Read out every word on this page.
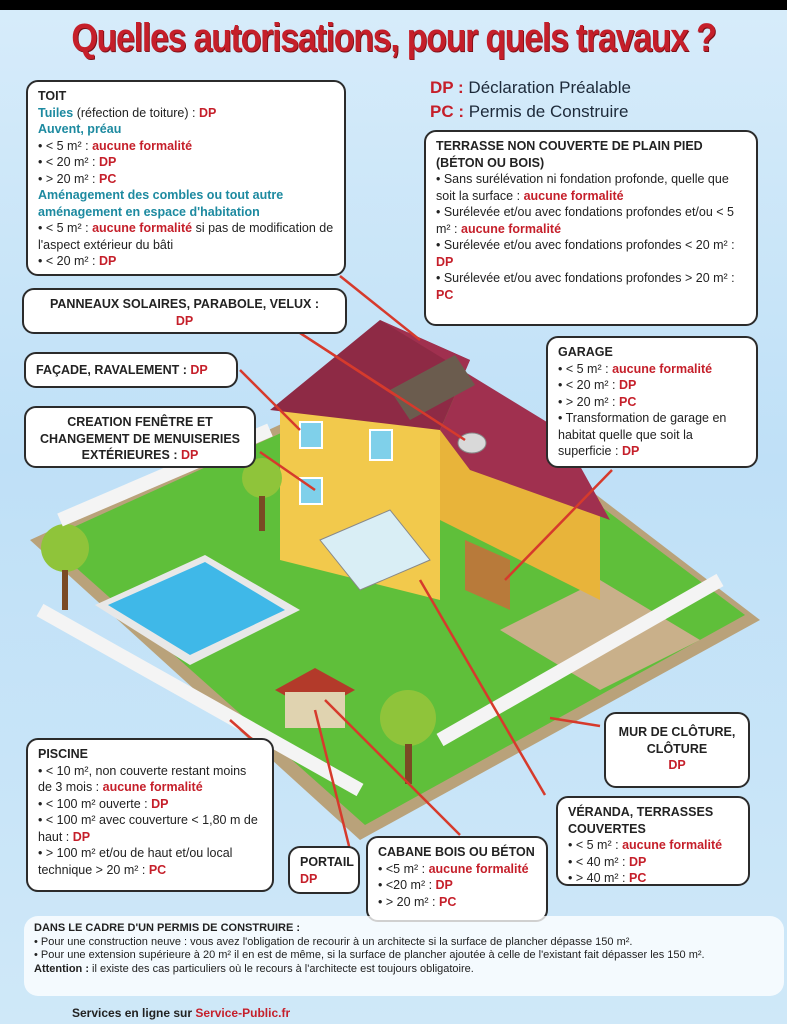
Quelles autorisations, pour quels travaux ?
DP : Déclaration Préalable
PC : Permis de Construire
TOIT
Tuiles (réfection de toiture) : DP
Auvent, préau
• < 5 m² : aucune formalité
• < 20 m² : DP
• > 20 m² : PC
Aménagement des combles ou tout autre aménagement en espace d'habitation
• < 5 m² : aucune formalité si pas de modification de l'aspect extérieur du bâti
• < 20 m² : DP
PANNEAUX SOLAIRES, PARABOLE, VELUX :
DP
FAÇADE, RAVALEMENT : DP
CREATION FENÊTRE ET CHANGEMENT DE MENUISERIES EXTÉRIEURES : DP
TERRASSE NON COUVERTE DE PLAIN PIED (BÉTON OU BOIS)
• Sans surélévation ni fondation profonde, quelle que soit la surface : aucune formalité
• Surélevée et/ou avec fondations profondes et/ou < 5 m² : aucune formalité
• Surélevée et/ou avec fondations profondes < 20 m² : DP
• Surélevée et/ou avec fondations profondes > 20 m² : PC
GARAGE
• < 5 m² : aucune formalité
• < 20 m² : DP
• > 20 m² : PC
• Transformation de garage en habitat quelle que soit la superficie : DP
MUR DE CLÔTURE, CLÔTURE
DP
VÉRANDA, TERRASSES COUVERTES
• < 5 m² : aucune formalité
• < 40 m² : DP
• > 40 m² : PC
PISCINE
• < 10 m², non couverte restant moins de 3 mois : aucune formalité
• < 100 m² ouverte : DP
• < 100 m² avec couverture < 1,80 m de haut : DP
• > 100 m² et/ou de haut et/ou local technique > 20 m² : PC
PORTAIL
DP
CABANE BOIS OU BÉTON
• <5 m² : aucune formalité
• <20 m² : DP
• > 20 m² : PC
DANS LE CADRE D'UN PERMIS DE CONSTRUIRE :
• Pour une construction neuve : vous avez l'obligation de recourir à un architecte si la surface de plancher dépasse 150 m².
• Pour une extension supérieure à 20 m² il en est de même, si la surface de plancher ajoutée à celle de l'existant fait dépasser les 150 m².
Attention : il existe des cas particuliers où le recours à l'architecte est toujours obligatoire.
Services en ligne sur Service-Public.fr
